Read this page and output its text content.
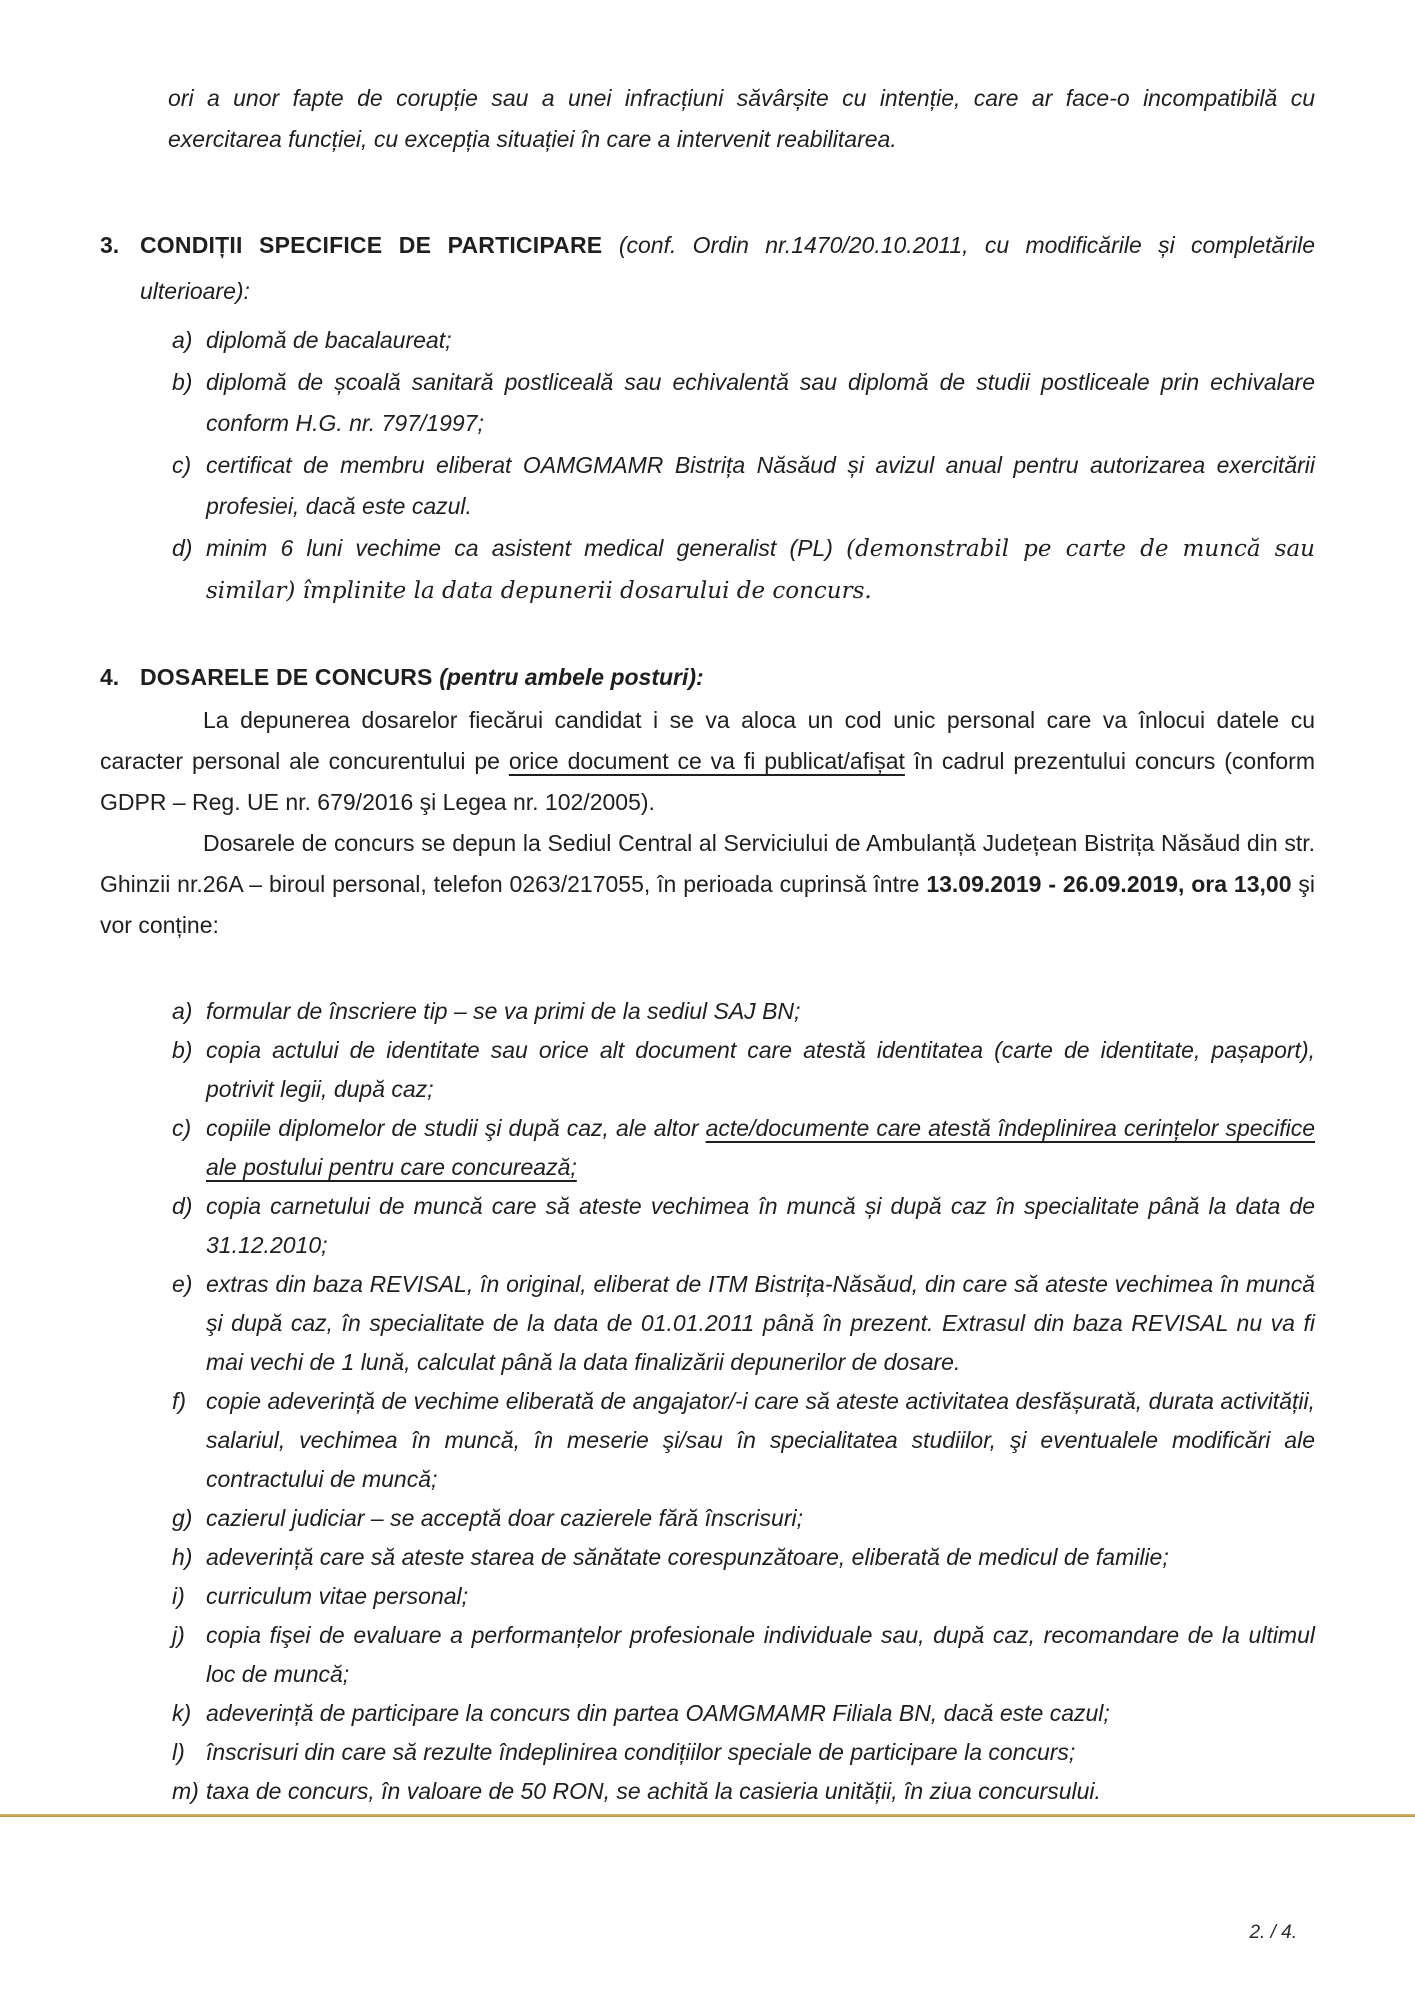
ori a unor fapte de corupție sau a unei infracțiuni săvârșite cu intenție, care ar face-o incompatibilă cu exercitarea funcției, cu excepția situației în care a intervenit reabilitarea.

3. CONDIȚII SPECIFICE DE PARTICIPARE (conf. Ordin nr.1470/20.10.2011, cu modificările și completările ulterioare):
a) diplomă de bacalaureat;
b) diplomă de școală sanitară postliceală sau echivalentă sau diplomă de studii postliceale prin echivalare conform H.G. nr. 797/1997;
c) certificat de membru eliberat OAMGMAMR Bistrița Năsăud și avizul anual pentru autorizarea exercitării profesiei, dacă este cazul.
d) minim 6 luni vechime ca asistent medical generalist (PL) (demonstrabil pe carte de muncă sau similar) împlinite la data depunerii dosarului de concurs.
4. DOSARELE DE CONCURS (pentru ambele posturi):

La depunerea dosarelor fiecărui candidat i se va aloca un cod unic personal care va înlocui datele cu caracter personal ale concurentului pe orice document ce va fi publicat/afișat în cadrul prezentului concurs (conform GDPR – Reg. UE nr. 679/2016 şi Legea nr. 102/2005).

Dosarele de concurs se depun la Sediul Central al Serviciului de Ambulanță Județean Bistrița Năsăud din str. Ghinzii nr.26A – biroul personal, telefon 0263/217055, în perioada cuprinsă între 13.09.2019 - 26.09.2019, ora 13,00 şi vor conține:

a) formular de înscriere tip – se va primi de la sediul SAJ BN;
b) copia actului de identitate sau orice alt document care atestă identitatea (carte de identitate, pașaport), potrivit legii, după caz;
c) copiile diplomelor de studii şi după caz, ale altor acte/documente care atestă îndeplinirea cerințelor specifice ale postului pentru care concurează;
d) copia carnetului de muncă care să ateste vechimea în muncă și după caz în specialitate până la data de 31.12.2010;
e) extras din baza REVISAL, în original, eliberat de ITM Bistrița-Năsăud, din care să ateste vechimea în muncă şi după caz, în specialitate de la data de 01.01.2011 până în prezent. Extrasul din baza REVISAL nu va fi mai vechi de 1 lună, calculat până la data finalizării depunerilor de dosare.
f) copie adeverință de vechime eliberată de angajator/-i care să ateste activitatea desfășurată, durata activității, salariul, vechimea în muncă, în meserie şi/sau în specialitatea studiilor, şi eventualele modificări ale contractului de muncă;
g) cazierul judiciar – se acceptă doar cazierele fără înscrisuri;
h) adeverință care să ateste starea de sănătate corespunzătoare, eliberată de medicul de familie;
i) curriculum vitae personal;
j) copia fişei de evaluare a performanțelor profesionale individuale sau, după caz, recomandare de la ultimul loc de muncă;
k) adeverință de participare la concurs din partea OAMGMAMR Filiala BN, dacă este cazul;
l) înscrisuri din care să rezulte îndeplinirea condițiilor speciale de participare la concurs;
m) taxa de concurs, în valoare de 50 RON, se achită la casieria unității, în ziua concursului.
2. / 4.
